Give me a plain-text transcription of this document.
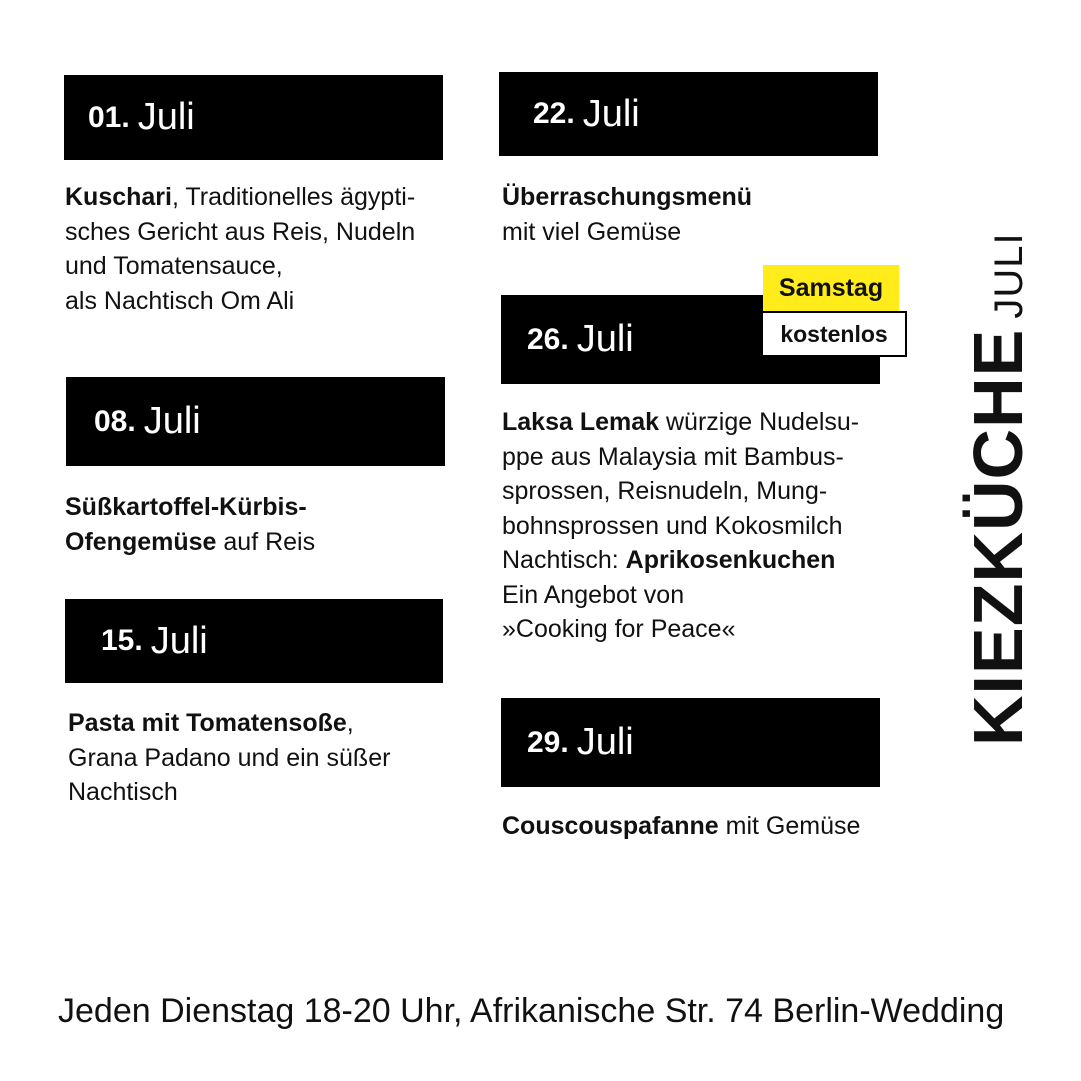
01. Juli
Kuschari, Traditionelles ägypti-
sches Gericht aus Reis, Nudeln
und Tomatensauce,
als Nachtisch Om Ali
08. Juli
Süßkartoffel-Kürbis-
Ofengemüse auf Reis
15. Juli
Pasta mit Tomatensoße,
Grana Padano und ein süßer
Nachtisch
22. Juli
Überraschungsmenü
mit viel Gemüse
26. Juli
Samstag
kostenlos
Laksa Lemak würzige Nudelsu-
ppe aus Malaysia mit Bambus-
sprossen, Reisnudeln, Mung-
bohnsprossen und Kokosmilch
Nachtisch: Aprikosenkuchen
Ein Angebot von
»Cooking for Peace«
29. Juli
Couscouspafanne mit Gemüse
KIEZKÜCHE
JULI
Jeden Dienstag 18-20 Uhr, Afrikanische Str. 74 Berlin-Wedding
